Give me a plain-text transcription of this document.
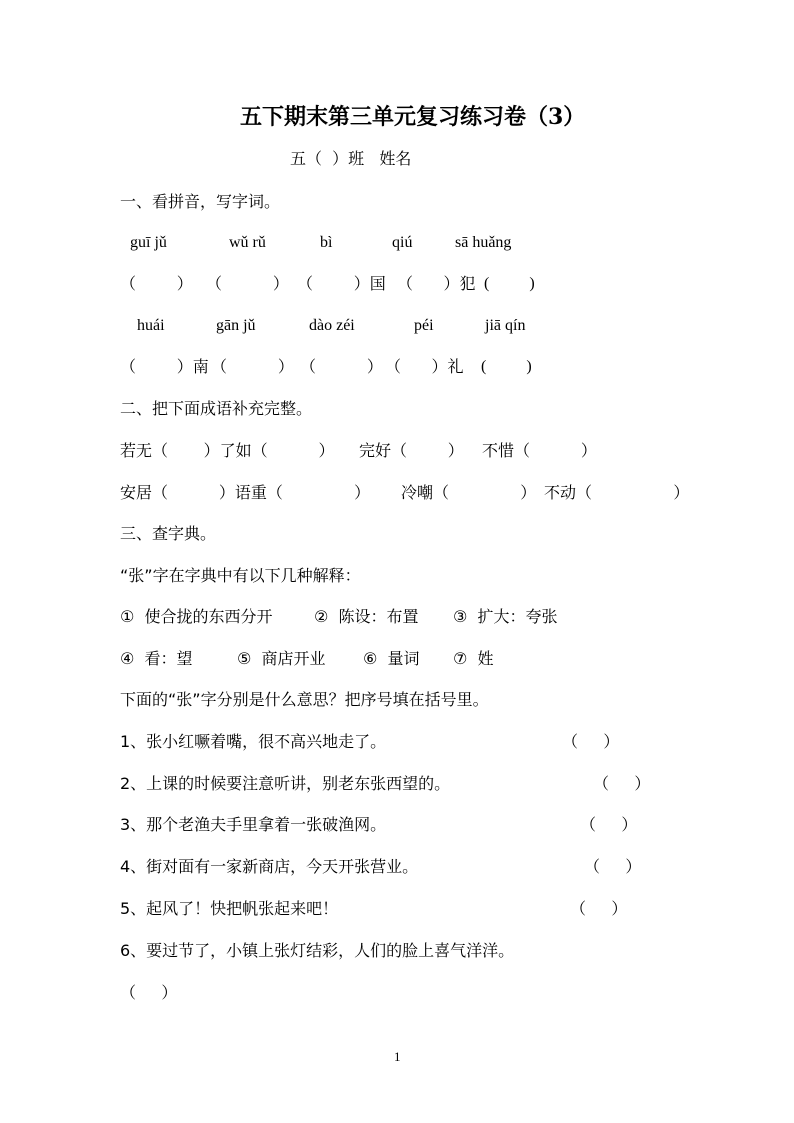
五下期末第三单元复习练习卷（3）
五（  ）班   姓名
一、看拼音，写字词。
guī jǔ	wǔ rǔ	bì	qiú	sā huǎng
（        ） （          ） （        ）国 （      ）犯 (          )
huái	gān jǔ	dào zéi	péi	jiā qín
（        ）南 （          ） （          ） （      ）礼 (          )
二、把下面成语补充完整。
若无（       ）了如（          ） 完好（        ） 不惜（          ）
安居（          ）语重（              ） 冷嘲（              ） 不动（                ）
三、查字典。
“张”字在字典中有以下几种解释：
①  使合拢的东西分开	②  陈设：布置 ③  扩大：夸张
④  看：望	⑤  商店开业 ⑥  量词 ⑦  姓
下面的“张”字分别是什么意思？把序号填在括号里。
1、张小红噘着嘴，很不高兴地走了。	（     ）
2、上课的时候要注意听讲，别老东张西望的。	（     ）
3、那个老渔夫手里拿着一张破渔网。	（     ）
4、街对面有一家新商店，今天开张营业。	（     ）
5、起风了！快把帆张起来吧！	（     ）
6、要过节了，小镇上张灯结彩，人们的脸上喜气洋洋。
（     ）
1
